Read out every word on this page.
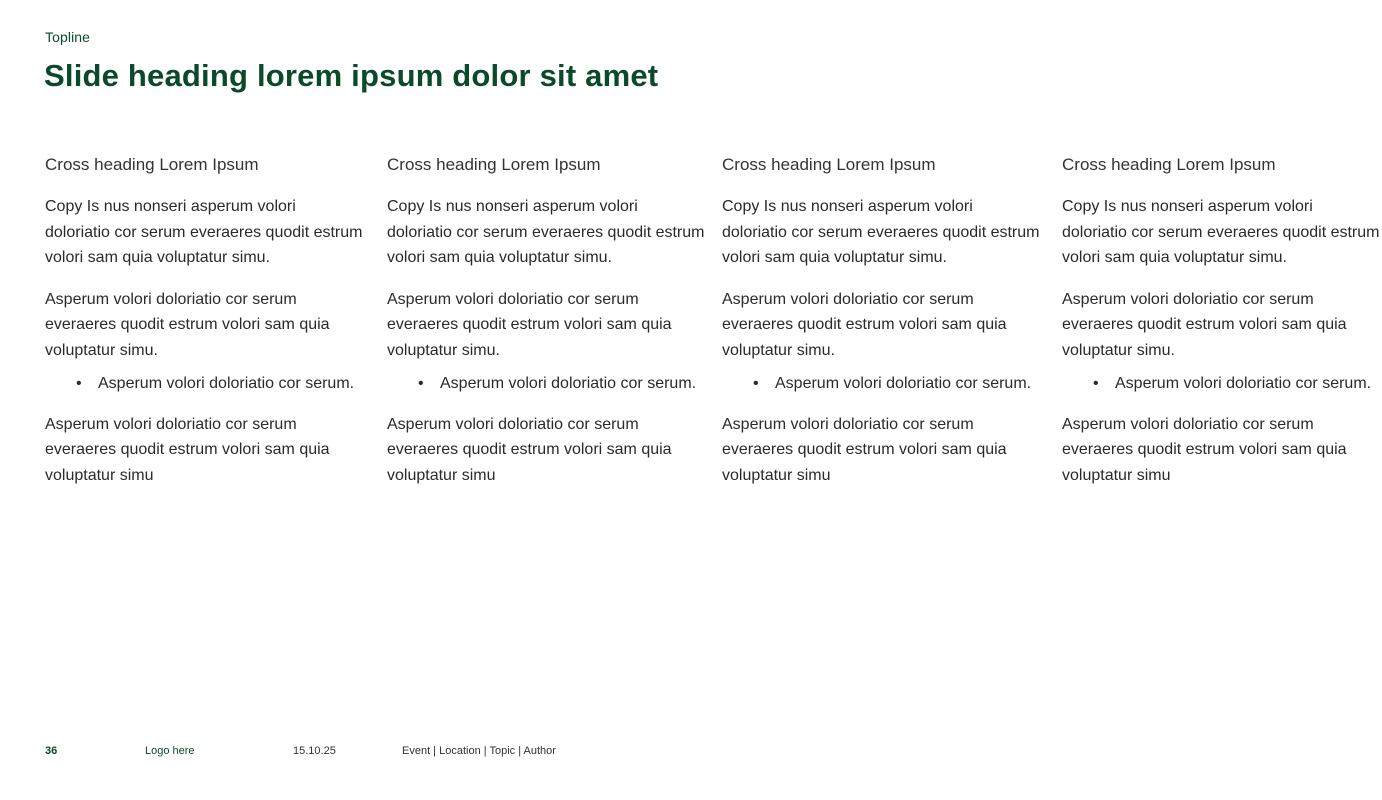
Topline
Slide heading lorem ipsum dolor sit amet
Cross heading Lorem Ipsum

Copy Is nus nonseri asperum volori doloriatio cor serum everaeres quodit estrum volori sam quia voluptatur simu.

Asperum volori doloriatio cor serum everaeres quodit estrum volori sam quia voluptatur simu.

• Asperum volori doloriatio cor serum.

Asperum volori doloriatio cor serum everaeres quodit estrum volori sam quia voluptatur simu

Cross heading Lorem Ipsum

Copy Is nus nonseri asperum volori doloriatio cor serum everaeres quodit estrum volori sam quia voluptatur simu.

Asperum volori doloriatio cor serum everaeres quodit estrum volori sam quia voluptatur simu.

• Asperum volori doloriatio cor serum.

Asperum volori doloriatio cor serum everaeres quodit estrum volori sam quia voluptatur simu

Cross heading Lorem Ipsum

Copy Is nus nonseri asperum volori doloriatio cor serum everaeres quodit estrum volori sam quia voluptatur simu.

Asperum volori doloriatio cor serum everaeres quodit estrum volori sam quia voluptatur simu.

• Asperum volori doloriatio cor serum.

Asperum volori doloriatio cor serum everaeres quodit estrum volori sam quia voluptatur simu

Cross heading Lorem Ipsum

Copy Is nus nonseri asperum volori doloriatio cor serum everaeres quodit estrum volori sam quia voluptatur simu.

Asperum volori doloriatio cor serum everaeres quodit estrum volori sam quia voluptatur simu.

• Asperum volori doloriatio cor serum.

Asperum volori doloriatio cor serum everaeres quodit estrum volori sam quia voluptatur simu

36	Logo here	15.10.25	Event | Location | Topic | Author
